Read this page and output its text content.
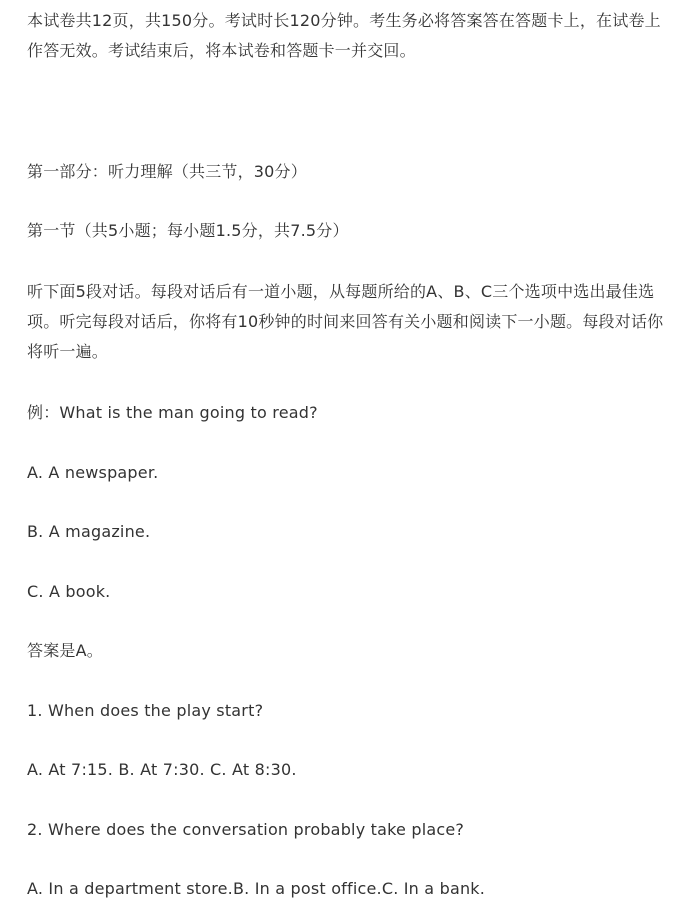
本试卷共12页，共150分。考试时长120分钟。考生务必将答案答在答题卡上，在试卷上作答无效。考试结束后，将本试卷和答题卡一并交回。
第一部分：听力理解（共三节，30分）
第一节（共5小题；每小题1.5分，共7.5分）
听下面5段对话。每段对话后有一道小题，从每题所给的A、B、C三个选项中选出最佳选项。听完每段对话后，你将有10秒钟的时间来回答有关小题和阅读下一小题。每段对话你将听一遍。
例：What is the man going to read?
A. A newspaper.
B. A magazine.
C. A book.
答案是A。
1. When does the play start?
A. At 7:15. B. At 7:30. C. At 8:30.
2. Where does the conversation probably take place?
A. In a department store.B. In a post office.C. In a bank.
